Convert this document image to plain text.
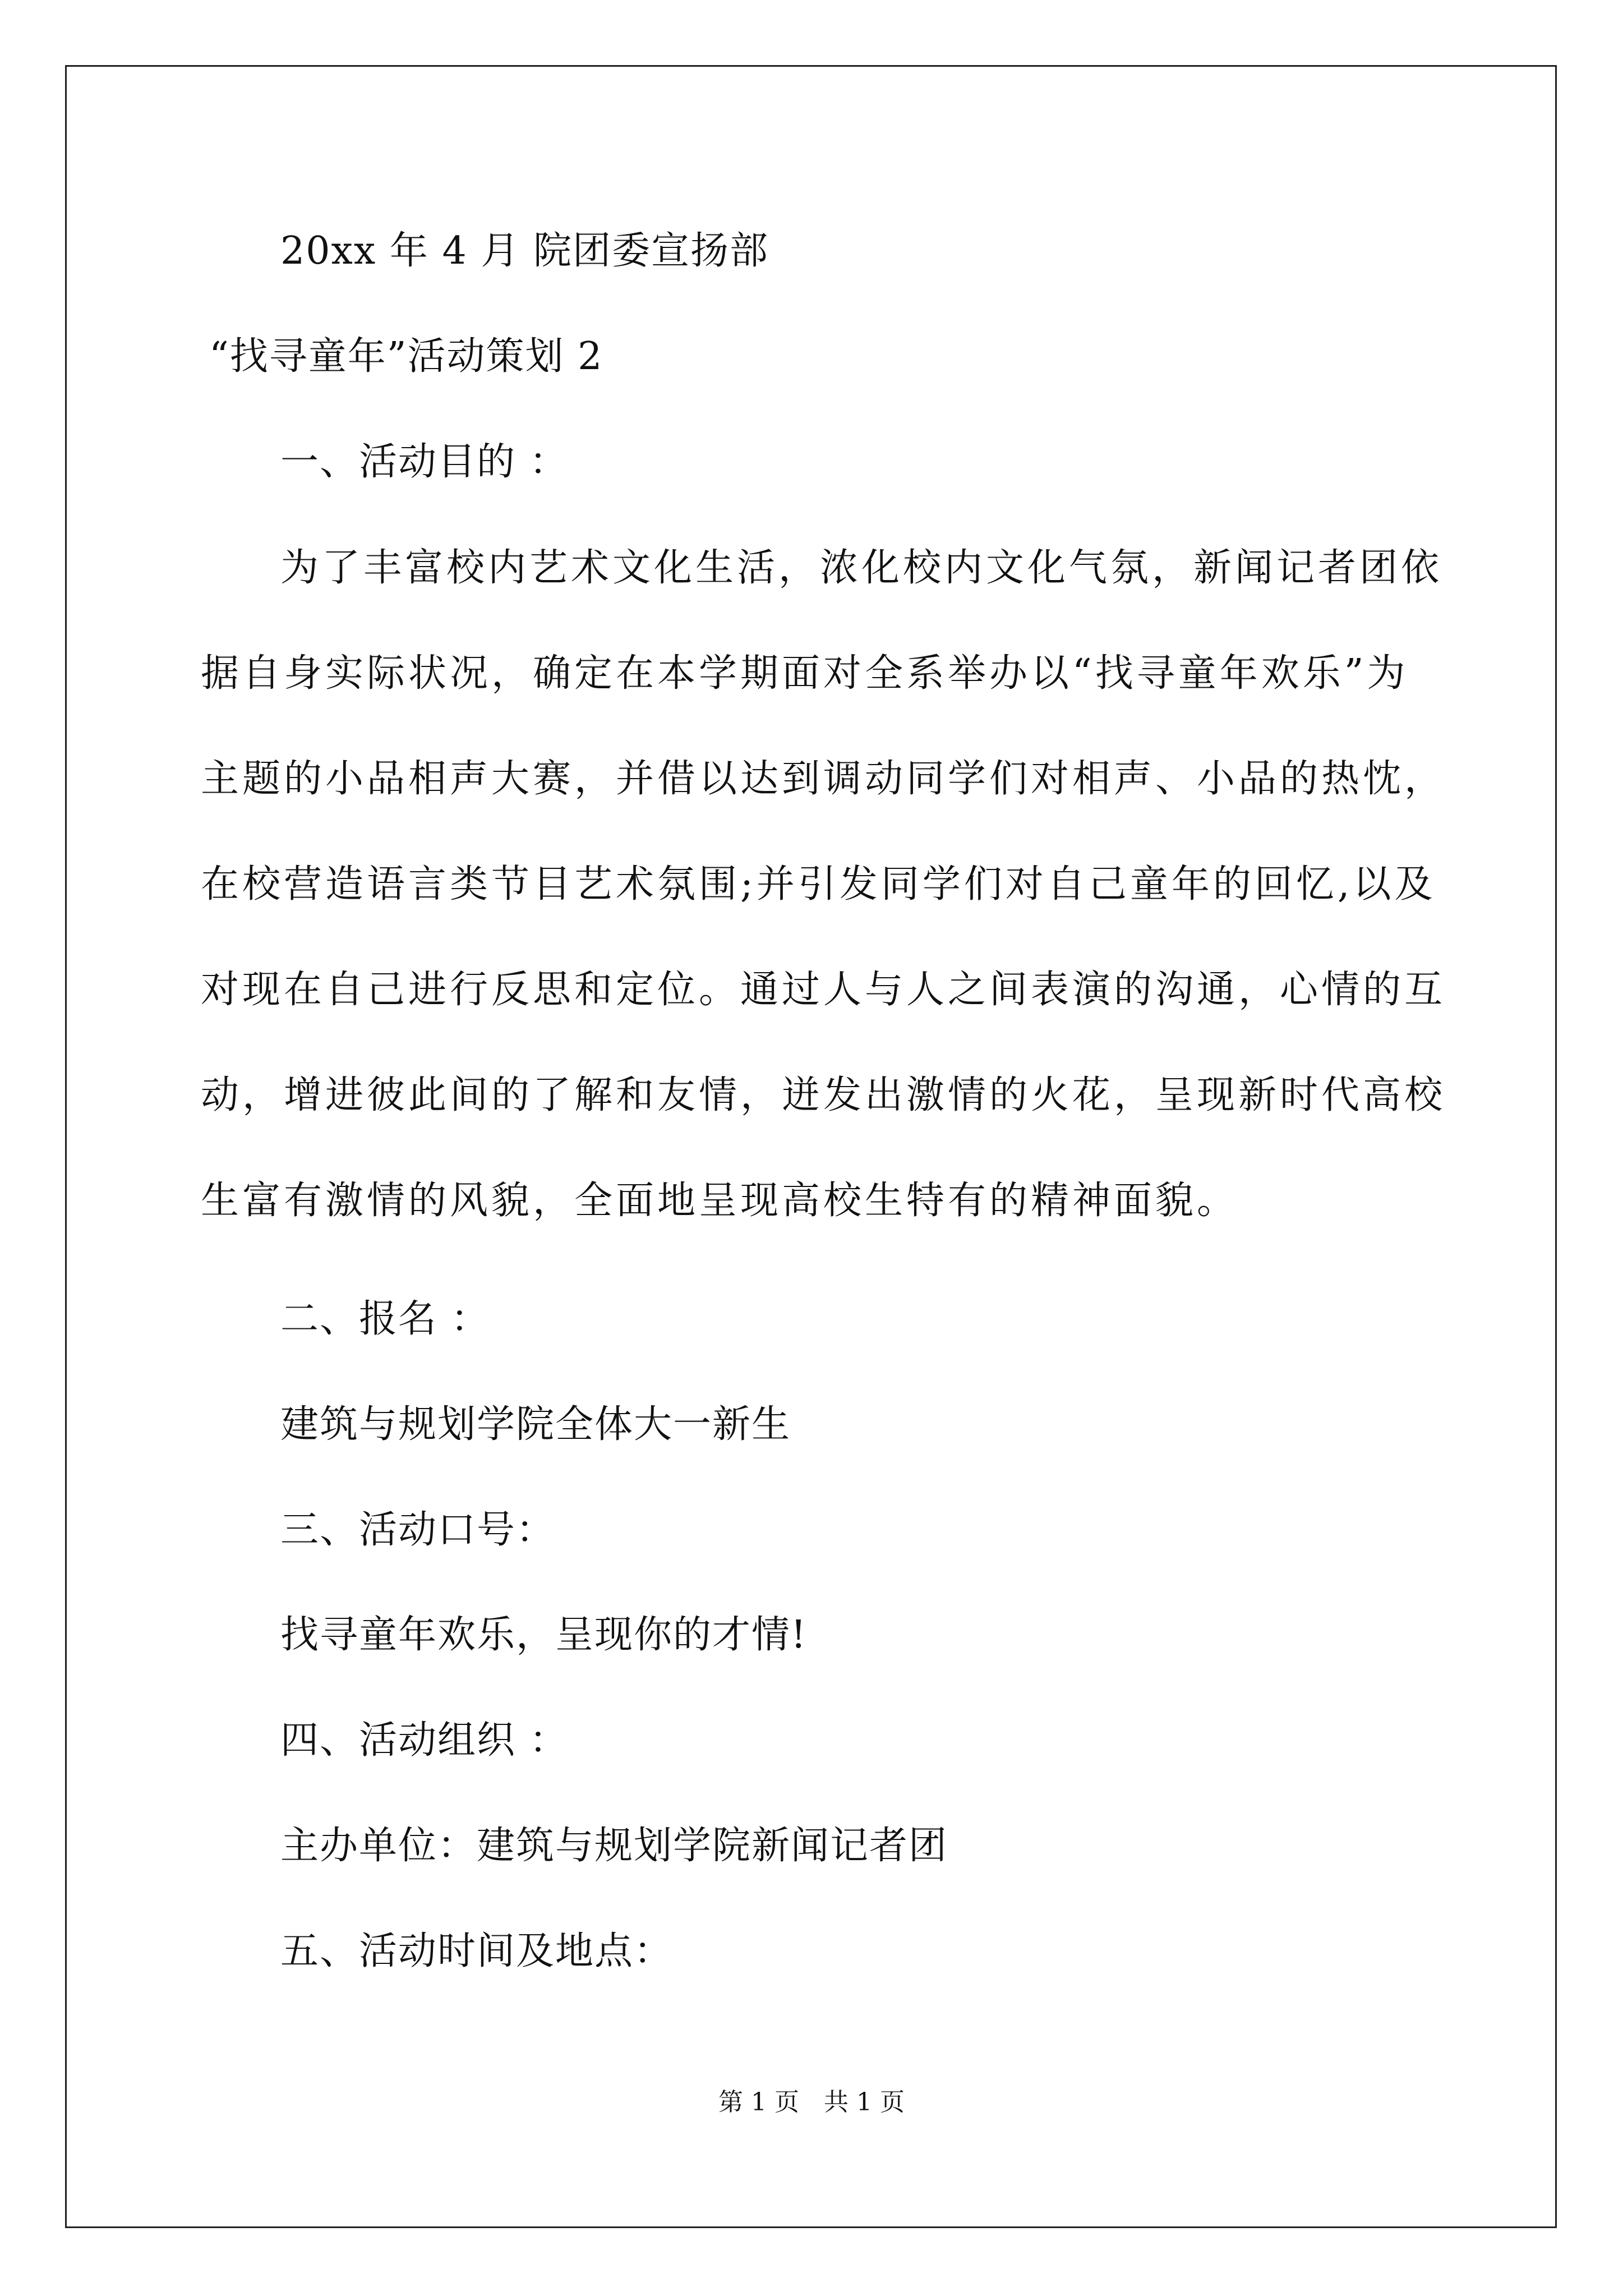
20xx 年 4 月 院团委宣扬部
“找寻童年”活动策划 2
一、活动目的 ：
为了丰富校内艺术文化生活，浓化校内文化气氛，新闻记者团依
据自身实际状况，确定在本学期面对全系举办以“找寻童年欢乐”为
主题的小品相声大赛，并借以达到调动同学们对相声、小品的热忱，
在校营造语言类节目艺术氛围;并引发同学们对自己童年的回忆,以及
对现在自己进行反思和定位。通过人与人之间表演的沟通，心情的互
动，增进彼此间的了解和友情，迸发出激情的火花，呈现新时代高校
生富有激情的风貌，全面地呈现高校生特有的精神面貌。
二、报名 ：
建筑与规划学院全体大一新生
三、活动口号：
找寻童年欢乐，呈现你的才情!
四、活动组织 ：
主办单位：建筑与规划学院新闻记者团
五、活动时间及地点：
第 1 页　共 1 页
